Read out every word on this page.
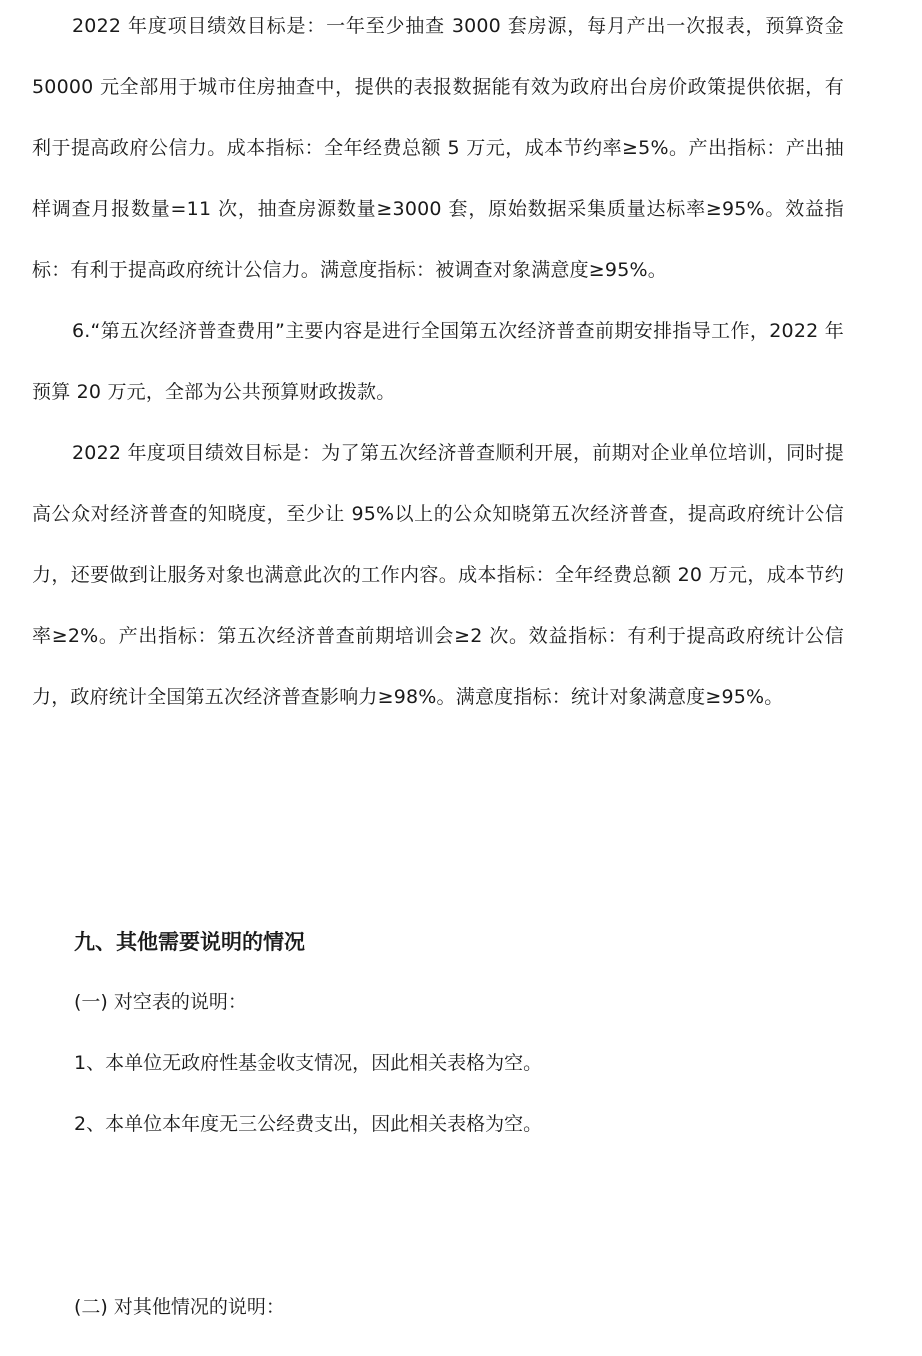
2022 年度项目绩效目标是：一年至少抽查 3000 套房源，每月产出一次报表，预算资金 50000 元全部用于城市住房抽查中，提供的表报数据能有效为政府出台房价政策提供依据，有利于提高政府公信力。成本指标：全年经费总额 5 万元，成本节约率≥5%。产出指标：产出抽样调查月报数量=11 次，抽查房源数量≥3000 套，原始数据采集质量达标率≥95%。效益指标：有利于提高政府统计公信力。满意度指标：被调查对象满意度≥95%。

6.“第五次经济普查费用”主要内容是进行全国第五次经济普查前期安排指导工作，2022 年预算 20 万元，全部为公共预算财政拨款。

2022 年度项目绩效目标是：为了第五次经济普查顺利开展，前期对企业单位培训，同时提高公众对经济普查的知晓度，至少让 95%以上的公众知晓第五次经济普查，提高政府统计公信力，还要做到让服务对象也满意此次的工作内容。成本指标：全年经费总额 20 万元，成本节约率≥2%。产出指标：第五次经济普查前期培训会≥2 次。效益指标：有利于提高政府统计公信力，政府统计全国第五次经济普查影响力≥98%。满意度指标：统计对象满意度≥95%。

九、其他需要说明的情况

(一) 对空表的说明：

1、本单位无政府性基金收支情况，因此相关表格为空。

2、本单位本年度无三公经费支出，因此相关表格为空。

(二) 对其他情况的说明：
